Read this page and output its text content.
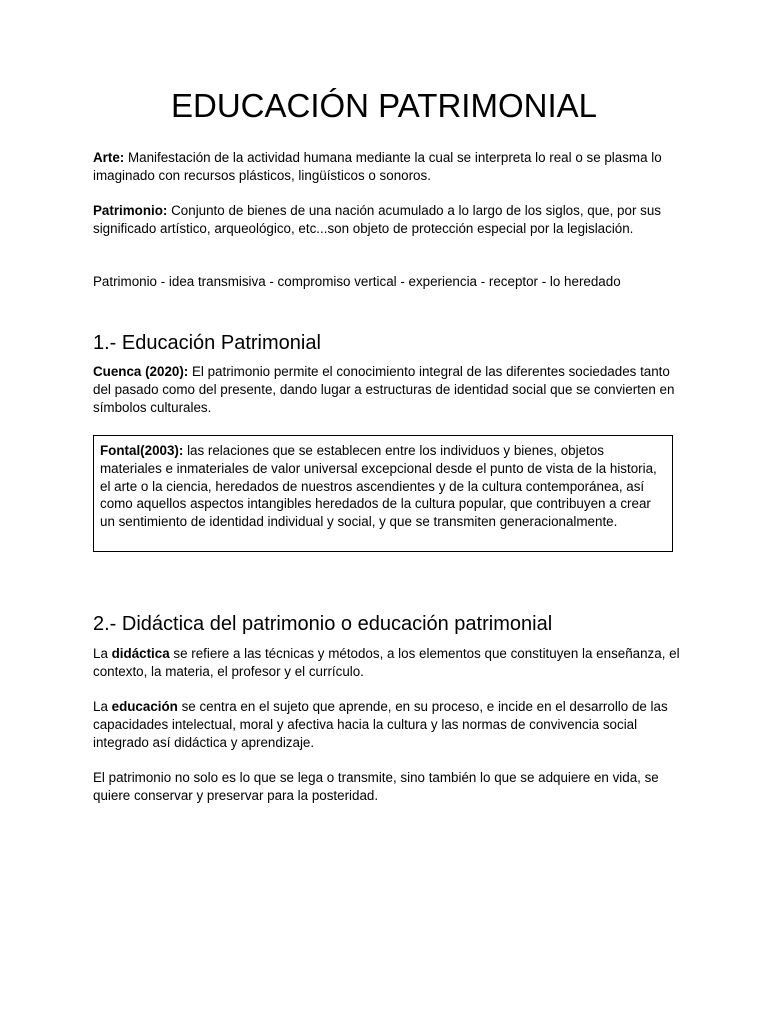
EDUCACIÓN PATRIMONIAL

Arte: Manifestación de la actividad humana mediante la cual se interpreta lo real o se plasma lo imaginado con recursos plásticos, lingüísticos o sonoros.

Patrimonio: Conjunto de bienes de una nación acumulado a lo largo de los siglos, que, por sus significado artístico, arqueológico, etc...son objeto de protección especial por la legislación.

Patrimonio - idea transmisiva - compromiso vertical - experiencia - receptor - lo heredado

1.- Educación Patrimonial

Cuenca (2020): El patrimonio permite el conocimiento integral de las diferentes sociedades tanto del pasado como del presente, dando lugar a estructuras de identidad social que se convierten en símbolos culturales.

Fontal(2003): las relaciones que se establecen entre los individuos y bienes, objetos materiales e inmateriales de valor universal excepcional desde el punto de vista de la historia, el arte o la ciencia, heredados de nuestros ascendientes y de la cultura contemporánea, así como aquellos aspectos intangibles heredados de la cultura popular, que contribuyen a crear un sentimiento de identidad individual y social, y que se transmiten generacionalmente.
2.- Didáctica del patrimonio o educación patrimonial

La didáctica se refiere a las técnicas y métodos, a los elementos que constituyen la enseñanza, el contexto, la materia, el profesor y el currículo.

La educación se centra en el sujeto que aprende, en su proceso, e incide en el desarrollo de las capacidades intelectual, moral y afectiva hacia la cultura y las normas de convivencia social integrado así didáctica y aprendizaje.

El patrimonio no solo es lo que se lega o transmite, sino también lo que se adquiere en vida, se quiere conservar y preservar para la posteridad.
